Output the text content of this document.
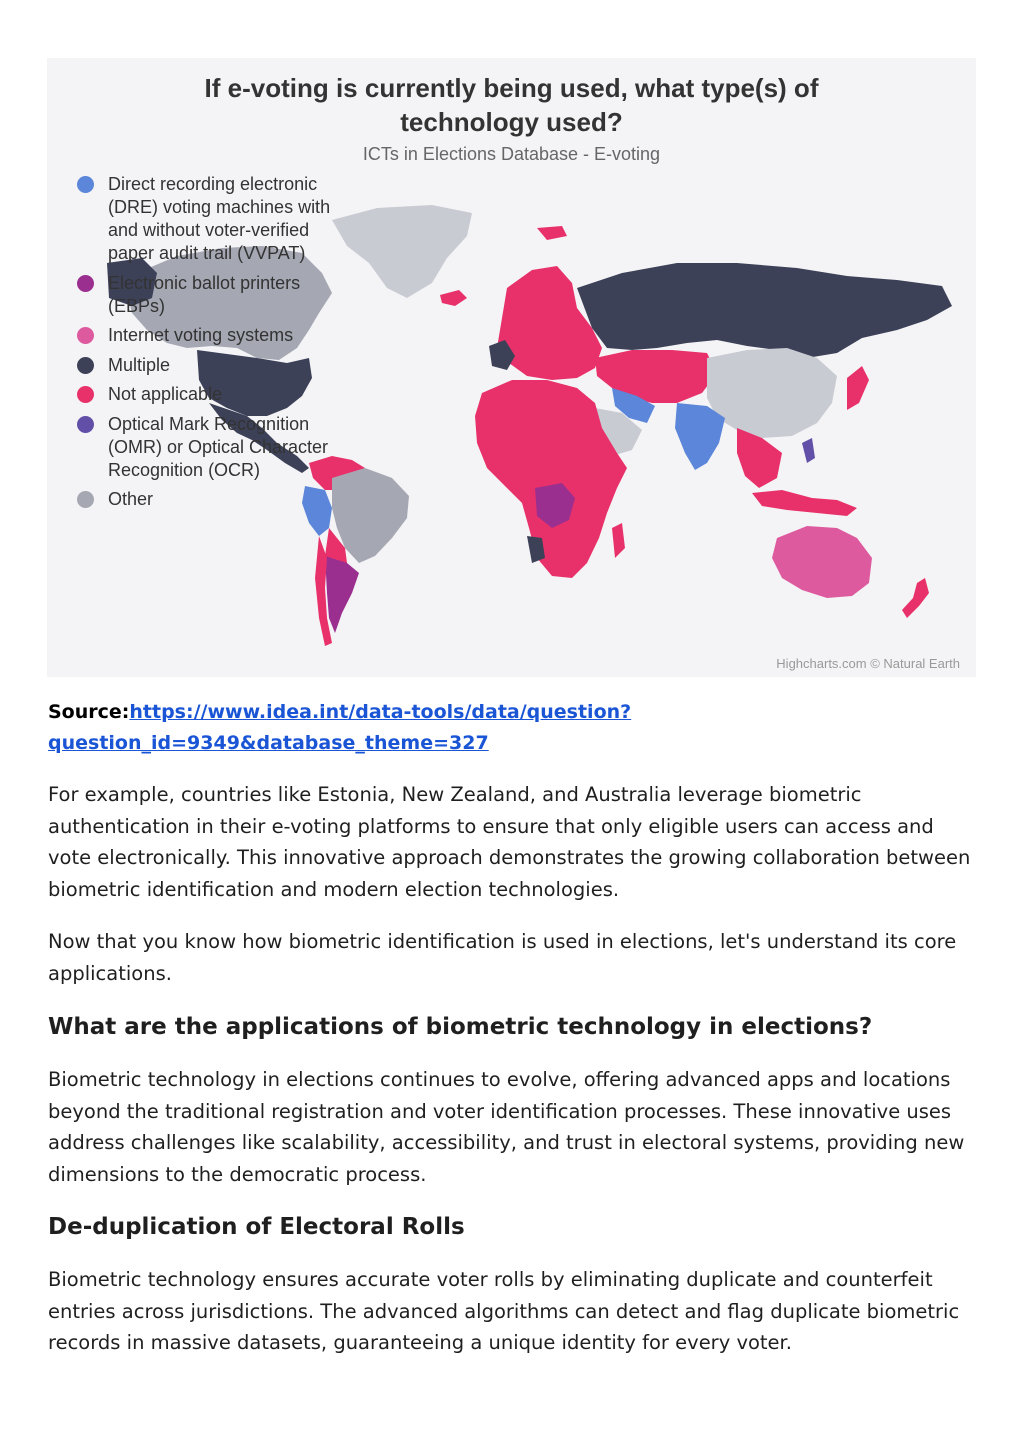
If e-voting is currently being used, what type(s) of
technology used?
ICTs in Elections Database - E-voting
Direct recording electronic (DRE) voting machines with and without voter-verified paper audit trail (VVPAT)
Electronic ballot printers (EBPs)
Internet voting systems
Multiple
Not applicable
Optical Mark Recognition (OMR) or Optical Character Recognition (OCR)
Other
Highcharts.com © Natural Earth
Source:https://www.idea.int/data-tools/data/question?
question_id=9349&database_theme=327

For example, countries like Estonia, New Zealand, and Australia leverage biometric authentication in their e-voting platforms to ensure that only eligible users can access and vote electronically. This innovative approach demonstrates the growing collaboration between biometric identification and modern election technologies.

Now that you know how biometric identification is used in elections, let's understand its core applications.

What are the applications of biometric technology in elections?

Biometric technology in elections continues to evolve, offering advanced apps and locations beyond the traditional registration and voter identification processes. These innovative uses address challenges like scalability, accessibility, and trust in electoral systems, providing new dimensions to the democratic process.

De-duplication of Electoral Rolls

Biometric technology ensures accurate voter rolls by eliminating duplicate and counterfeit entries across jurisdictions. The advanced algorithms can detect and flag duplicate biometric records in massive datasets, guaranteeing a unique identity for every voter.
